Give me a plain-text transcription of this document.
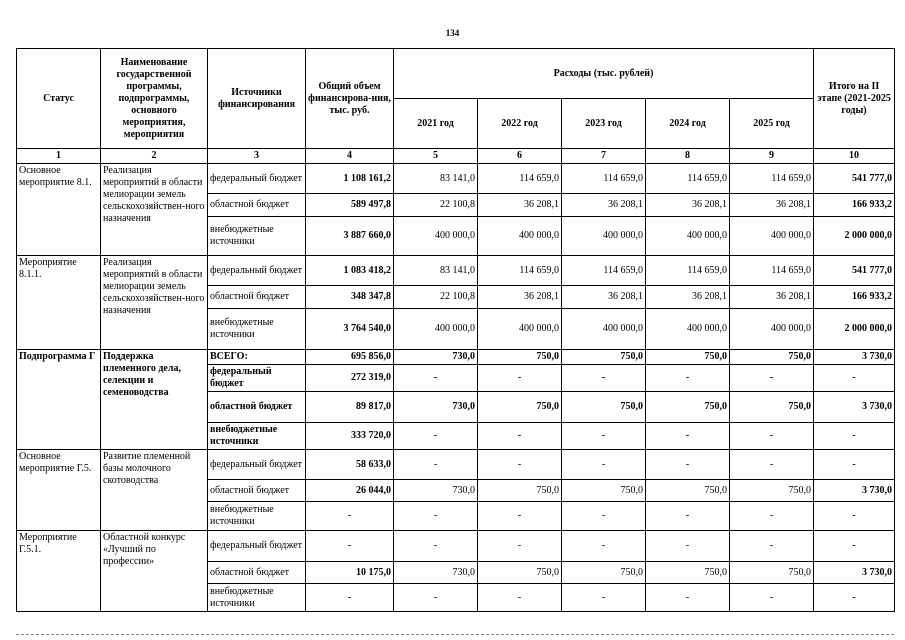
134
Статус	Наименование государственной программы, подпрограммы, основного мероприятия, мероприятия	Источники финансирования	Общий объем финансирова-ния, тыс. руб.	Расходы (тыс. рублей)					Итого на II этапе (2021-2025 годы)
				2021 год	2022 год	2023 год	2024 год	2025 год	
1	2	3	4	5	6	7	8	9	10
Основное мероприятие 8.1.	Реализация мероприятий в области мелиорации земель сельскохозяйствен-ного назначения	федеральный бюджет	1 108 161,2	83 141,0	114 659,0	114 659,0	114 659,0	114 659,0	541 777,0
		областной бюджет	589 497,8	22 100,8	36 208,1	36 208,1	36 208,1	36 208,1	166 933,2
		внебюджетные источники	3 887 660,0	400 000,0	400 000,0	400 000,0	400 000,0	400 000,0	2 000 000,0
Мероприятие 8.1.1.	Реализация мероприятий в области мелиорации земель сельскохозяйствен-ного назначения	федеральный бюджет	1 083 418,2	83 141,0	114 659,0	114 659,0	114 659,0	114 659,0	541 777,0
		областной бюджет	348 347,8	22 100,8	36 208,1	36 208,1	36 208,1	36 208,1	166 933,2
		внебюджетные источники	3 764 540,0	400 000,0	400 000,0	400 000,0	400 000,0	400 000,0	2 000 000,0
Подпрограмма Г	Поддержка племенного дела, селекции и семеноводства	ВСЕГО:	695 856,0	730,0	750,0	750,0	750,0	750,0	3 730,0
		федеральный бюджет	272 319,0	-	-	-	-	-	-
		областной бюджет	89 817,0	730,0	750,0	750,0	750,0	750,0	3 730,0
		внебюджетные источники	333 720,0	-	-	-	-	-	-
Основное мероприятие Г.5.	Развитие племенной базы молочного скотоводства	федеральный бюджет	58 633,0	-	-	-	-	-	-
		областной бюджет	26 044,0	730,0	750,0	750,0	750,0	750,0	3 730,0
		внебюджетные источники	-	-	-	-	-	-	-
Мероприятие Г.5.1.	Областной конкурс «Лучший по профессии»	федеральный бюджет	-	-	-	-	-	-	-
		областной бюджет	10 175,0	730,0	750,0	750,0	750,0	750,0	3 730,0
		внебюджетные источники	-	-	-	-	-	-	-
